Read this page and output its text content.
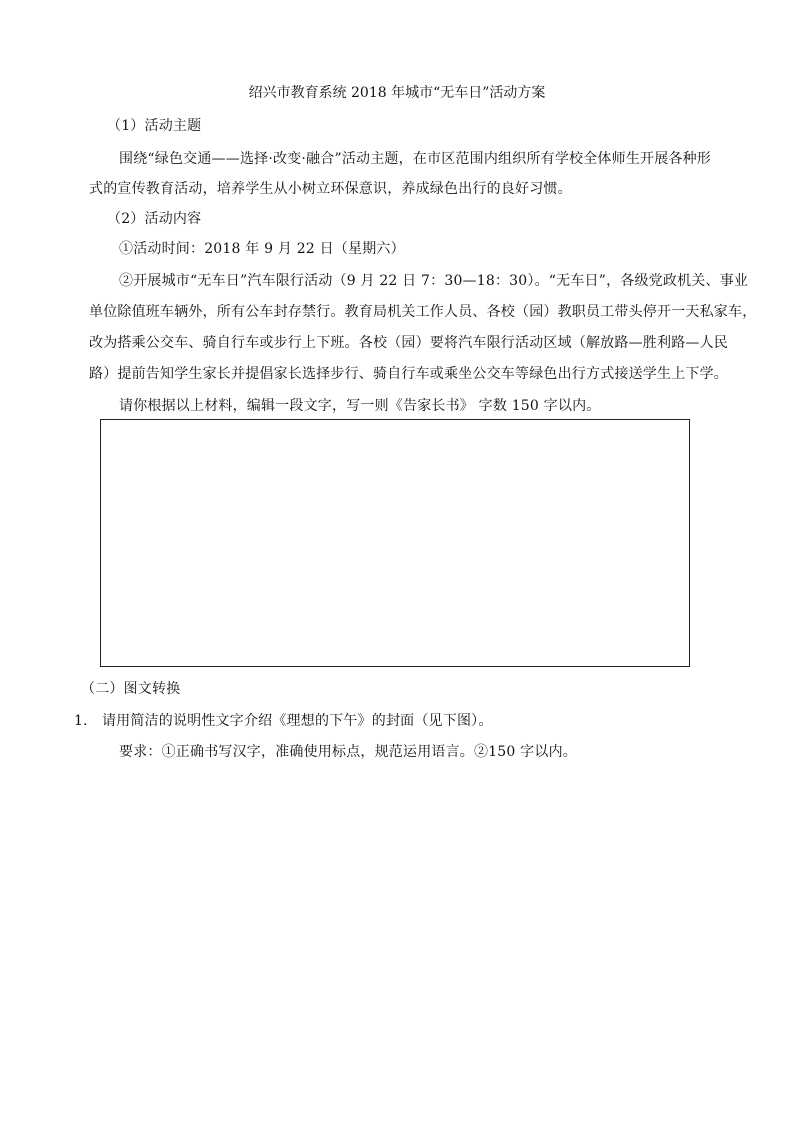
绍兴市教育系统 2018 年城市“无车日”活动方案
（1）活动主题
围绕“绿色交通——选择·改变·融合”活动主题，在市区范围内组织所有学校全体师生开展各种形
式的宣传教育活动，培养学生从小树立环保意识，养成绿色出行的良好习惯。
（2）活动内容
①活动时间：2018 年 9 月 22 日（星期六）
②开展城市“无车日”汽车限行活动（9 月 22 日 7：30—18：30）。“无车日”，各级党政机关、事业
单位除值班车辆外，所有公车封存禁行。教育局机关工作人员、各校（园）教职员工带头停开一天私家车，
改为搭乘公交车、骑自行车或步行上下班。各校（园）要将汽车限行活动区域（解放路—胜利路—人民
路）提前告知学生家长并提倡家长选择步行、骑自行车或乘坐公交车等绿色出行方式接送学生上下学。
请你根据以上材料，编辑一段文字，写一则《告家长书》 字数 150 字以内。
（二）图文转换
1． 请用简洁的说明性文字介绍《理想的下午》的封面（见下图）。
要求：①正确书写汉字，准确使用标点，规范运用语言。②150 字以内。
